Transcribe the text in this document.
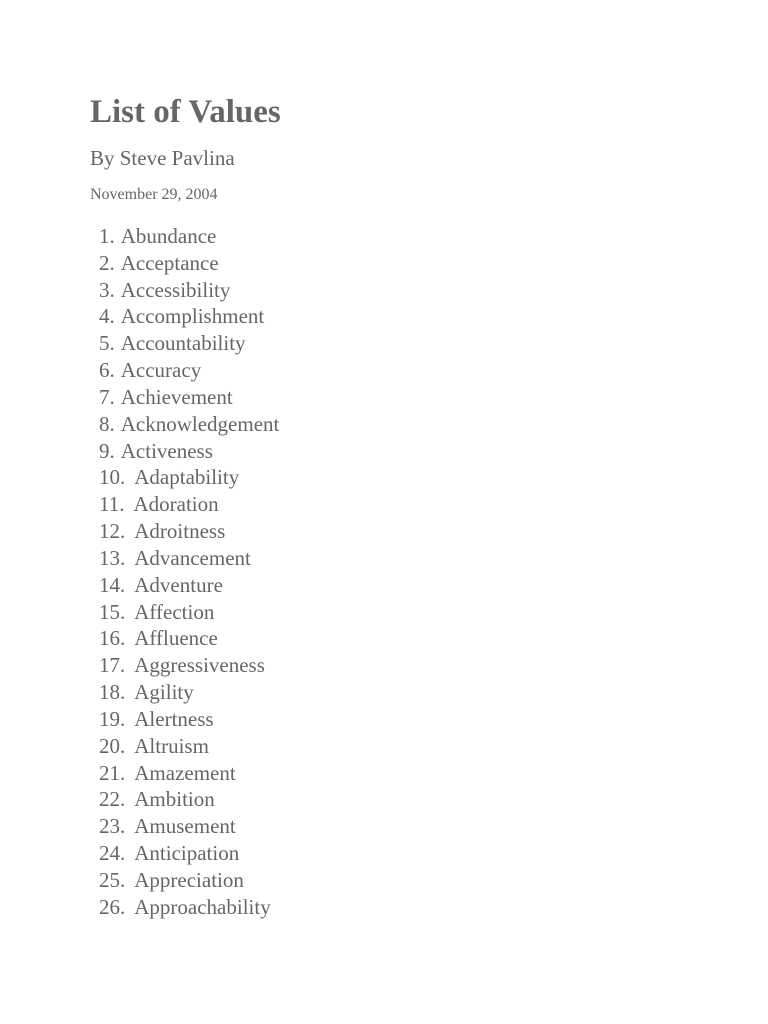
List of Values

By Steve Pavlina

November 29, 2004

1. Abundance
2. Acceptance
3. Accessibility
4. Accomplishment
5. Accountability
6. Accuracy
7. Achievement
8. Acknowledgement
9. Activeness
10. Adaptability
11. Adoration
12. Adroitness
13. Advancement
14. Adventure
15. Affection
16. Affluence
17. Aggressiveness
18. Agility
19. Alertness
20. Altruism
21. Amazement
22. Ambition
23. Amusement
24. Anticipation
25. Appreciation
26. Approachability
